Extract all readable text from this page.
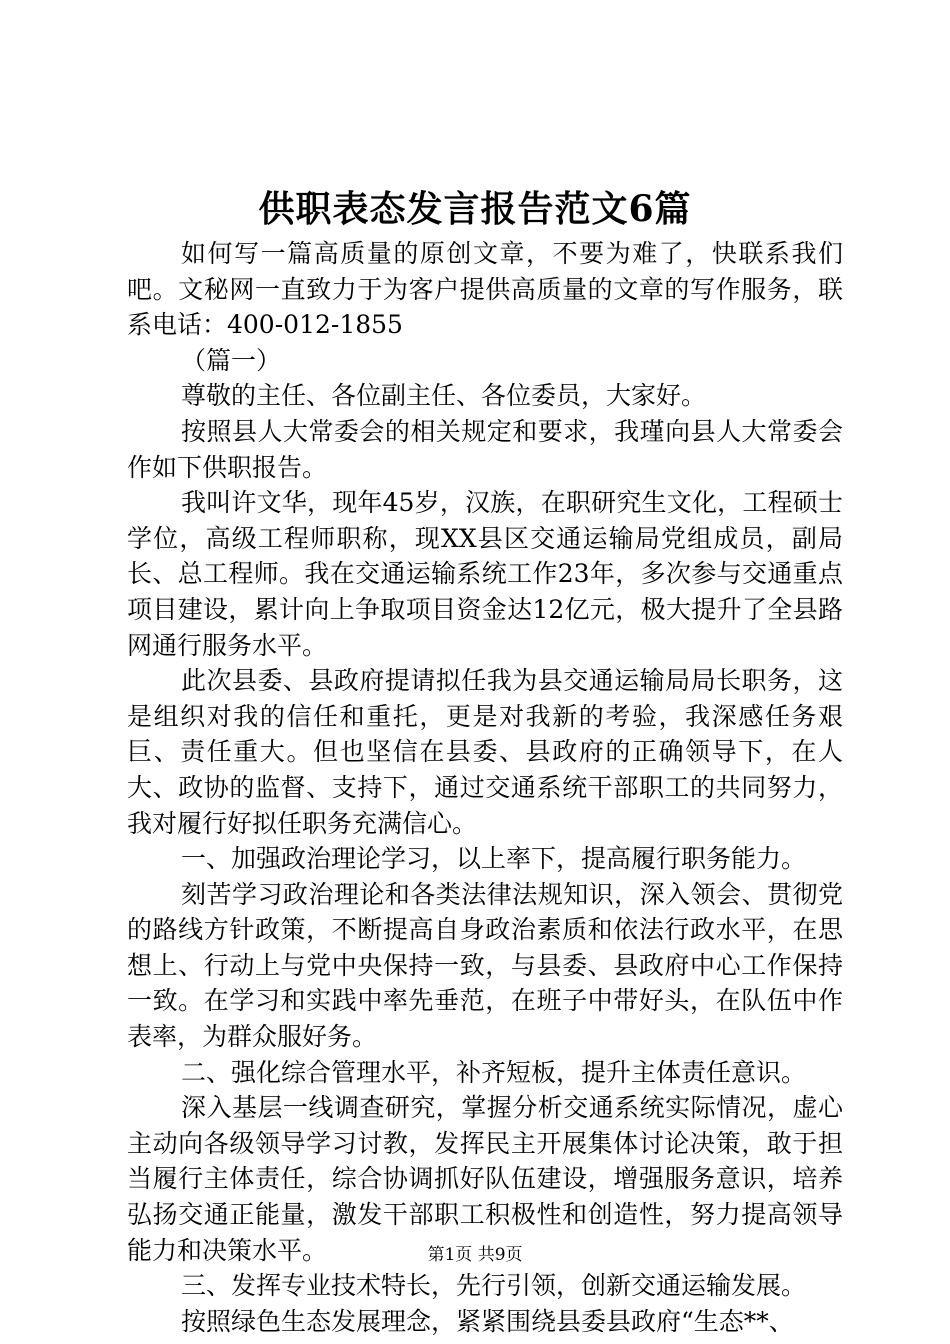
供职表态发言报告范文6篇

如何写一篇高质量的原创文章，不要为难了，快联系我们吧。文秘网一直致力于为客户提供高质量的文章的写作服务，联系电话：400-012-1855

（篇一）

尊敬的主任、各位副主任、各位委员，大家好。

按照县人大常委会的相关规定和要求，我瑾向县人大常委会作如下供职报告。

我叫许文华，现年45岁，汉族，在职研究生文化，工程硕士学位，高级工程师职称，现XX县区交通运输局党组成员，副局长、总工程师。我在交通运输系统工作23年，多次参与交通重点项目建设，累计向上争取项目资金达12亿元，极大提升了全县路网通行服务水平。

此次县委、县政府提请拟任我为县交通运输局局长职务，这是组织对我的信任和重托，更是对我新的考验，我深感任务艰巨、责任重大。但也坚信在县委、县政府的正确领导下，在人大、政协的监督、支持下，通过交通系统干部职工的共同努力，我对履行好拟任职务充满信心。

一、加强政治理论学习，以上率下，提高履行职务能力。

刻苦学习政治理论和各类法律法规知识，深入领会、贯彻党的路线方针政策，不断提高自身政治素质和依法行政水平，在思想上、行动上与党中央保持一致，与县委、县政府中心工作保持一致。在学习和实践中率先垂范，在班子中带好头，在队伍中作表率，为群众服好务。

二、强化综合管理水平，补齐短板，提升主体责任意识。

深入基层一线调查研究，掌握分析交通系统实际情况，虚心主动向各级领导学习讨教，发挥民主开展集体讨论决策，敢于担当履行主体责任，综合协调抓好队伍建设，增强服务意识，培养弘扬交通正能量，激发干部职工积极性和创造性，努力提高领导能力和决策水平。

三、发挥专业技术特长，先行引领，创新交通运输发展。

按照绿色生态发展理念，紧紧围绕县委县政府“生态**、

第1页 共9页
